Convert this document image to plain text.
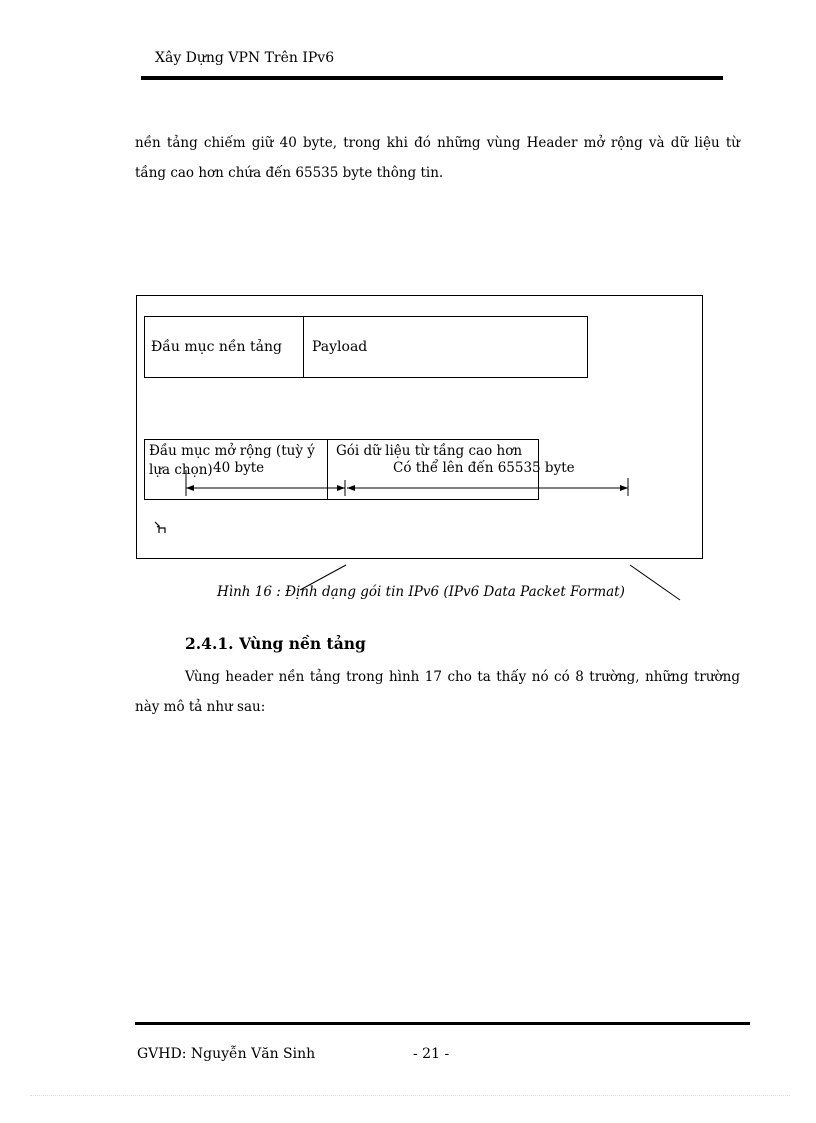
Xây Dựng VPN Trên IPv6
nền tảng chiếm giữ 40 byte, trong khi đó những vùng Header mở rộng và dữ liệu từ tầng cao hơn chứa đến 65535 byte thông tin.
Đầu mục nền tảng	Payload
Đầu mục mở rộng (tuỳ ý lựa chọn)
Gói dữ liệu từ tầng cao hơn
40 byte	Có thể lên đến 65535 byte
Hình 16 : Định dạng gói tin IPv6 (IPv6 Data Packet Format)
2.4.1. Vùng nền tảng
Vùng header nền tảng trong hình 17 cho ta thấy nó có 8 trường, những trường này mô tả như sau:
GVHD: Nguyễn Văn Sinh	- 21 -
